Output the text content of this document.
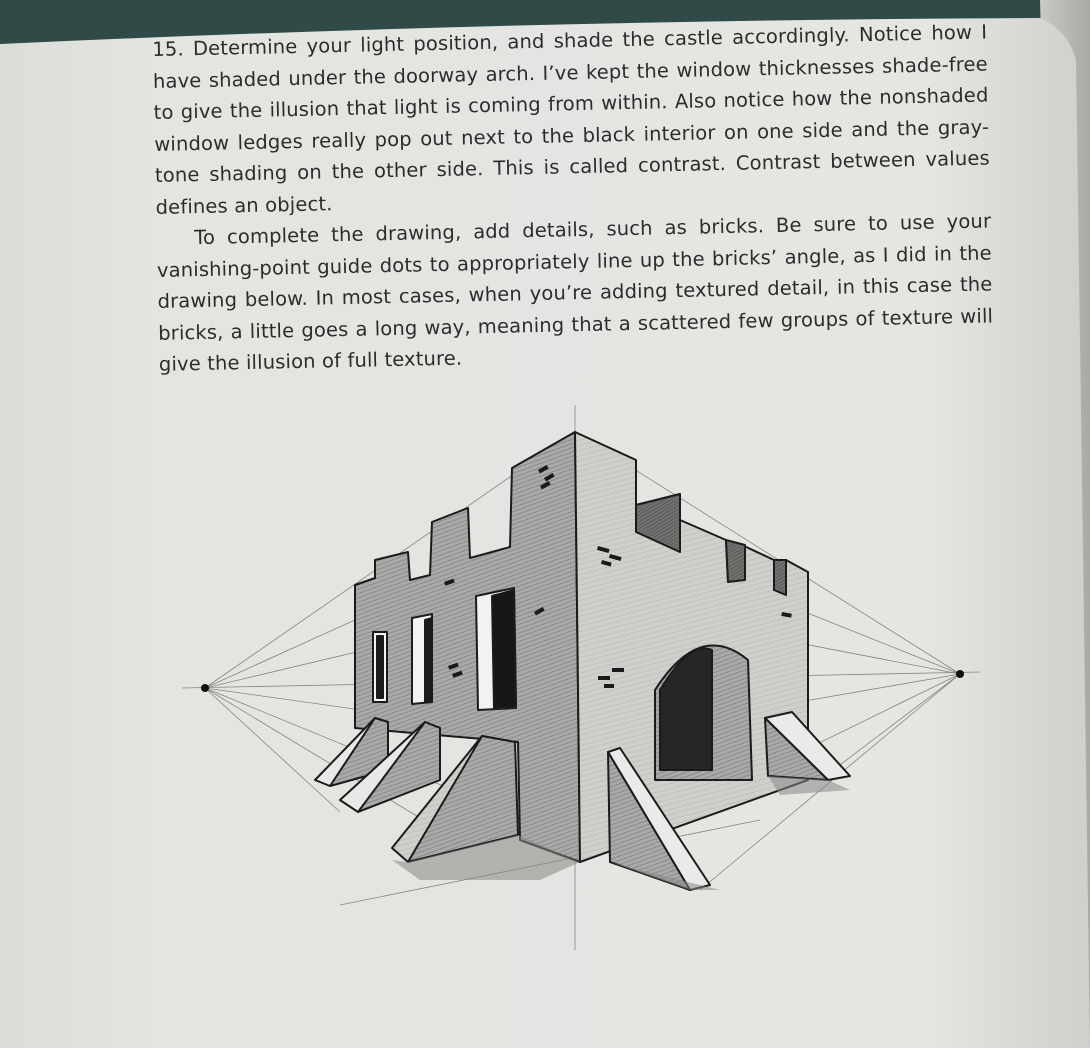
15. Determine your light position, and shade the castle accordingly. Notice how I have shaded under the doorway arch. I’ve kept the window thicknesses shade-free to give the illusion that light is coming from within. Also notice how the nonshaded window ledges really pop out next to the black interior on one side and the gray-tone shading on the other side. This is called contrast. Contrast between values defines an object.

To complete the drawing, add details, such as bricks. Be sure to use your vanishing-point guide dots to appropriately line up the bricks’ angle, as I did in the drawing below. In most cases, when you’re adding textured detail, in this case the bricks, a little goes a long way, meaning that a scattered few groups of texture will give the illusion of full texture.
